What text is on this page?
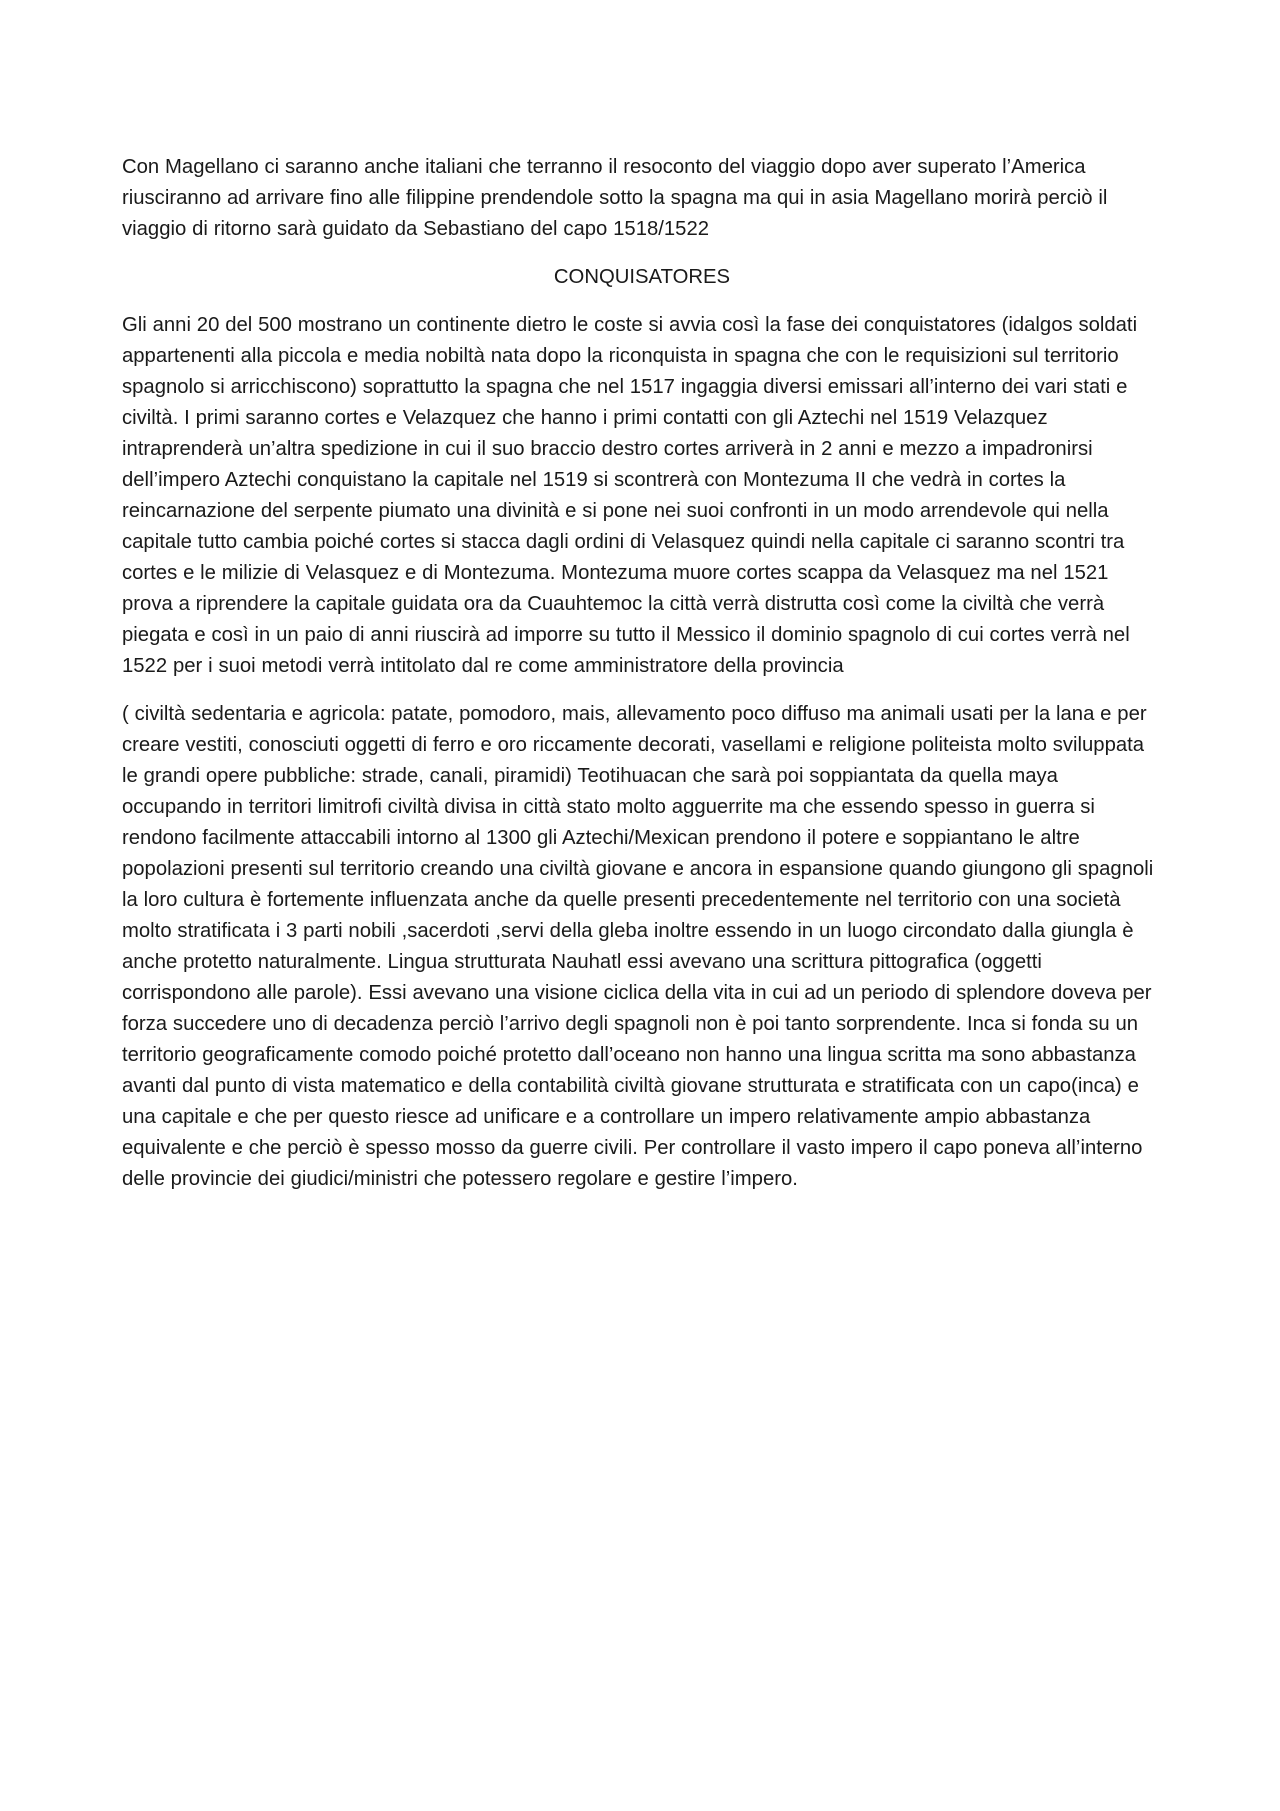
Con Magellano ci saranno anche italiani che terranno il resoconto del viaggio dopo aver superato l’America riusciranno ad arrivare fino alle filippine prendendole sotto la spagna ma qui in asia Magellano morirà perciò il viaggio di ritorno sarà guidato da Sebastiano del capo 1518/1522

CONQUISATORES

Gli anni 20 del 500 mostrano un continente dietro le coste si avvia così la fase dei conquistatores (idalgos soldati appartenenti alla piccola e media nobiltà nata dopo la riconquista in spagna che con le requisizioni sul territorio spagnolo si arricchiscono) soprattutto la spagna che nel 1517 ingaggia diversi emissari all’interno dei vari stati e civiltà. I primi saranno cortes e Velazquez che hanno i primi contatti con gli Aztechi nel 1519 Velazquez intraprenderà un’altra spedizione in cui il suo braccio destro cortes arriverà in 2 anni e mezzo a impadronirsi dell’impero Aztechi conquistano la capitale nel 1519 si scontrerà con Montezuma II che vedrà in cortes la reincarnazione del serpente piumato una divinità e si pone nei suoi confronti in un modo arrendevole qui nella capitale tutto cambia poiché cortes si stacca dagli ordini di Velasquez quindi nella capitale ci saranno scontri tra cortes e le milizie di Velasquez e di Montezuma. Montezuma muore cortes scappa da Velasquez ma nel 1521 prova a riprendere la capitale guidata ora da Cuauhtemoc la città verrà distrutta così come la civiltà che verrà piegata e così in un paio di anni riuscirà ad imporre su tutto il Messico il dominio spagnolo di cui cortes verrà nel 1522 per i suoi metodi verrà intitolato dal re come amministratore della provincia

( civiltà sedentaria e agricola: patate, pomodoro, mais, allevamento poco diffuso ma animali usati per la lana e per creare vestiti, conosciuti oggetti di ferro e oro riccamente decorati, vasellami e religione politeista molto sviluppata le grandi opere pubbliche: strade, canali, piramidi) Teotihuacan che sarà poi soppiantata da quella maya occupando in territori limitrofi civiltà divisa in città stato molto agguerrite ma che essendo spesso in guerra si rendono facilmente attaccabili intorno al 1300 gli Aztechi/Mexican prendono il potere e soppiantano le altre popolazioni presenti sul territorio creando una civiltà giovane e ancora in espansione quando giungono gli spagnoli la loro cultura è fortemente influenzata anche da quelle presenti precedentemente nel territorio con una società molto stratificata i 3 parti nobili ,sacerdoti ,servi della gleba inoltre essendo in un luogo circondato dalla giungla è anche protetto naturalmente. Lingua strutturata Nauhatl essi avevano una scrittura pittografica (oggetti corrispondono alle parole). Essi avevano una visione ciclica della vita in cui ad un periodo di splendore doveva per forza succedere uno di decadenza perciò l’arrivo degli spagnoli non è poi tanto sorprendente. Inca si fonda su un territorio geograficamente comodo poiché protetto dall’oceano non hanno una lingua scritta ma sono abbastanza avanti dal punto di vista matematico e della contabilità civiltà giovane strutturata e stratificata con un capo(inca) e una capitale e che per questo riesce ad unificare e a controllare un impero relativamente ampio abbastanza equivalente e che perciò è spesso mosso da guerre civili. Per controllare il vasto impero il capo poneva all’interno delle provincie dei giudici/ministri che potessero regolare e gestire l’impero.
